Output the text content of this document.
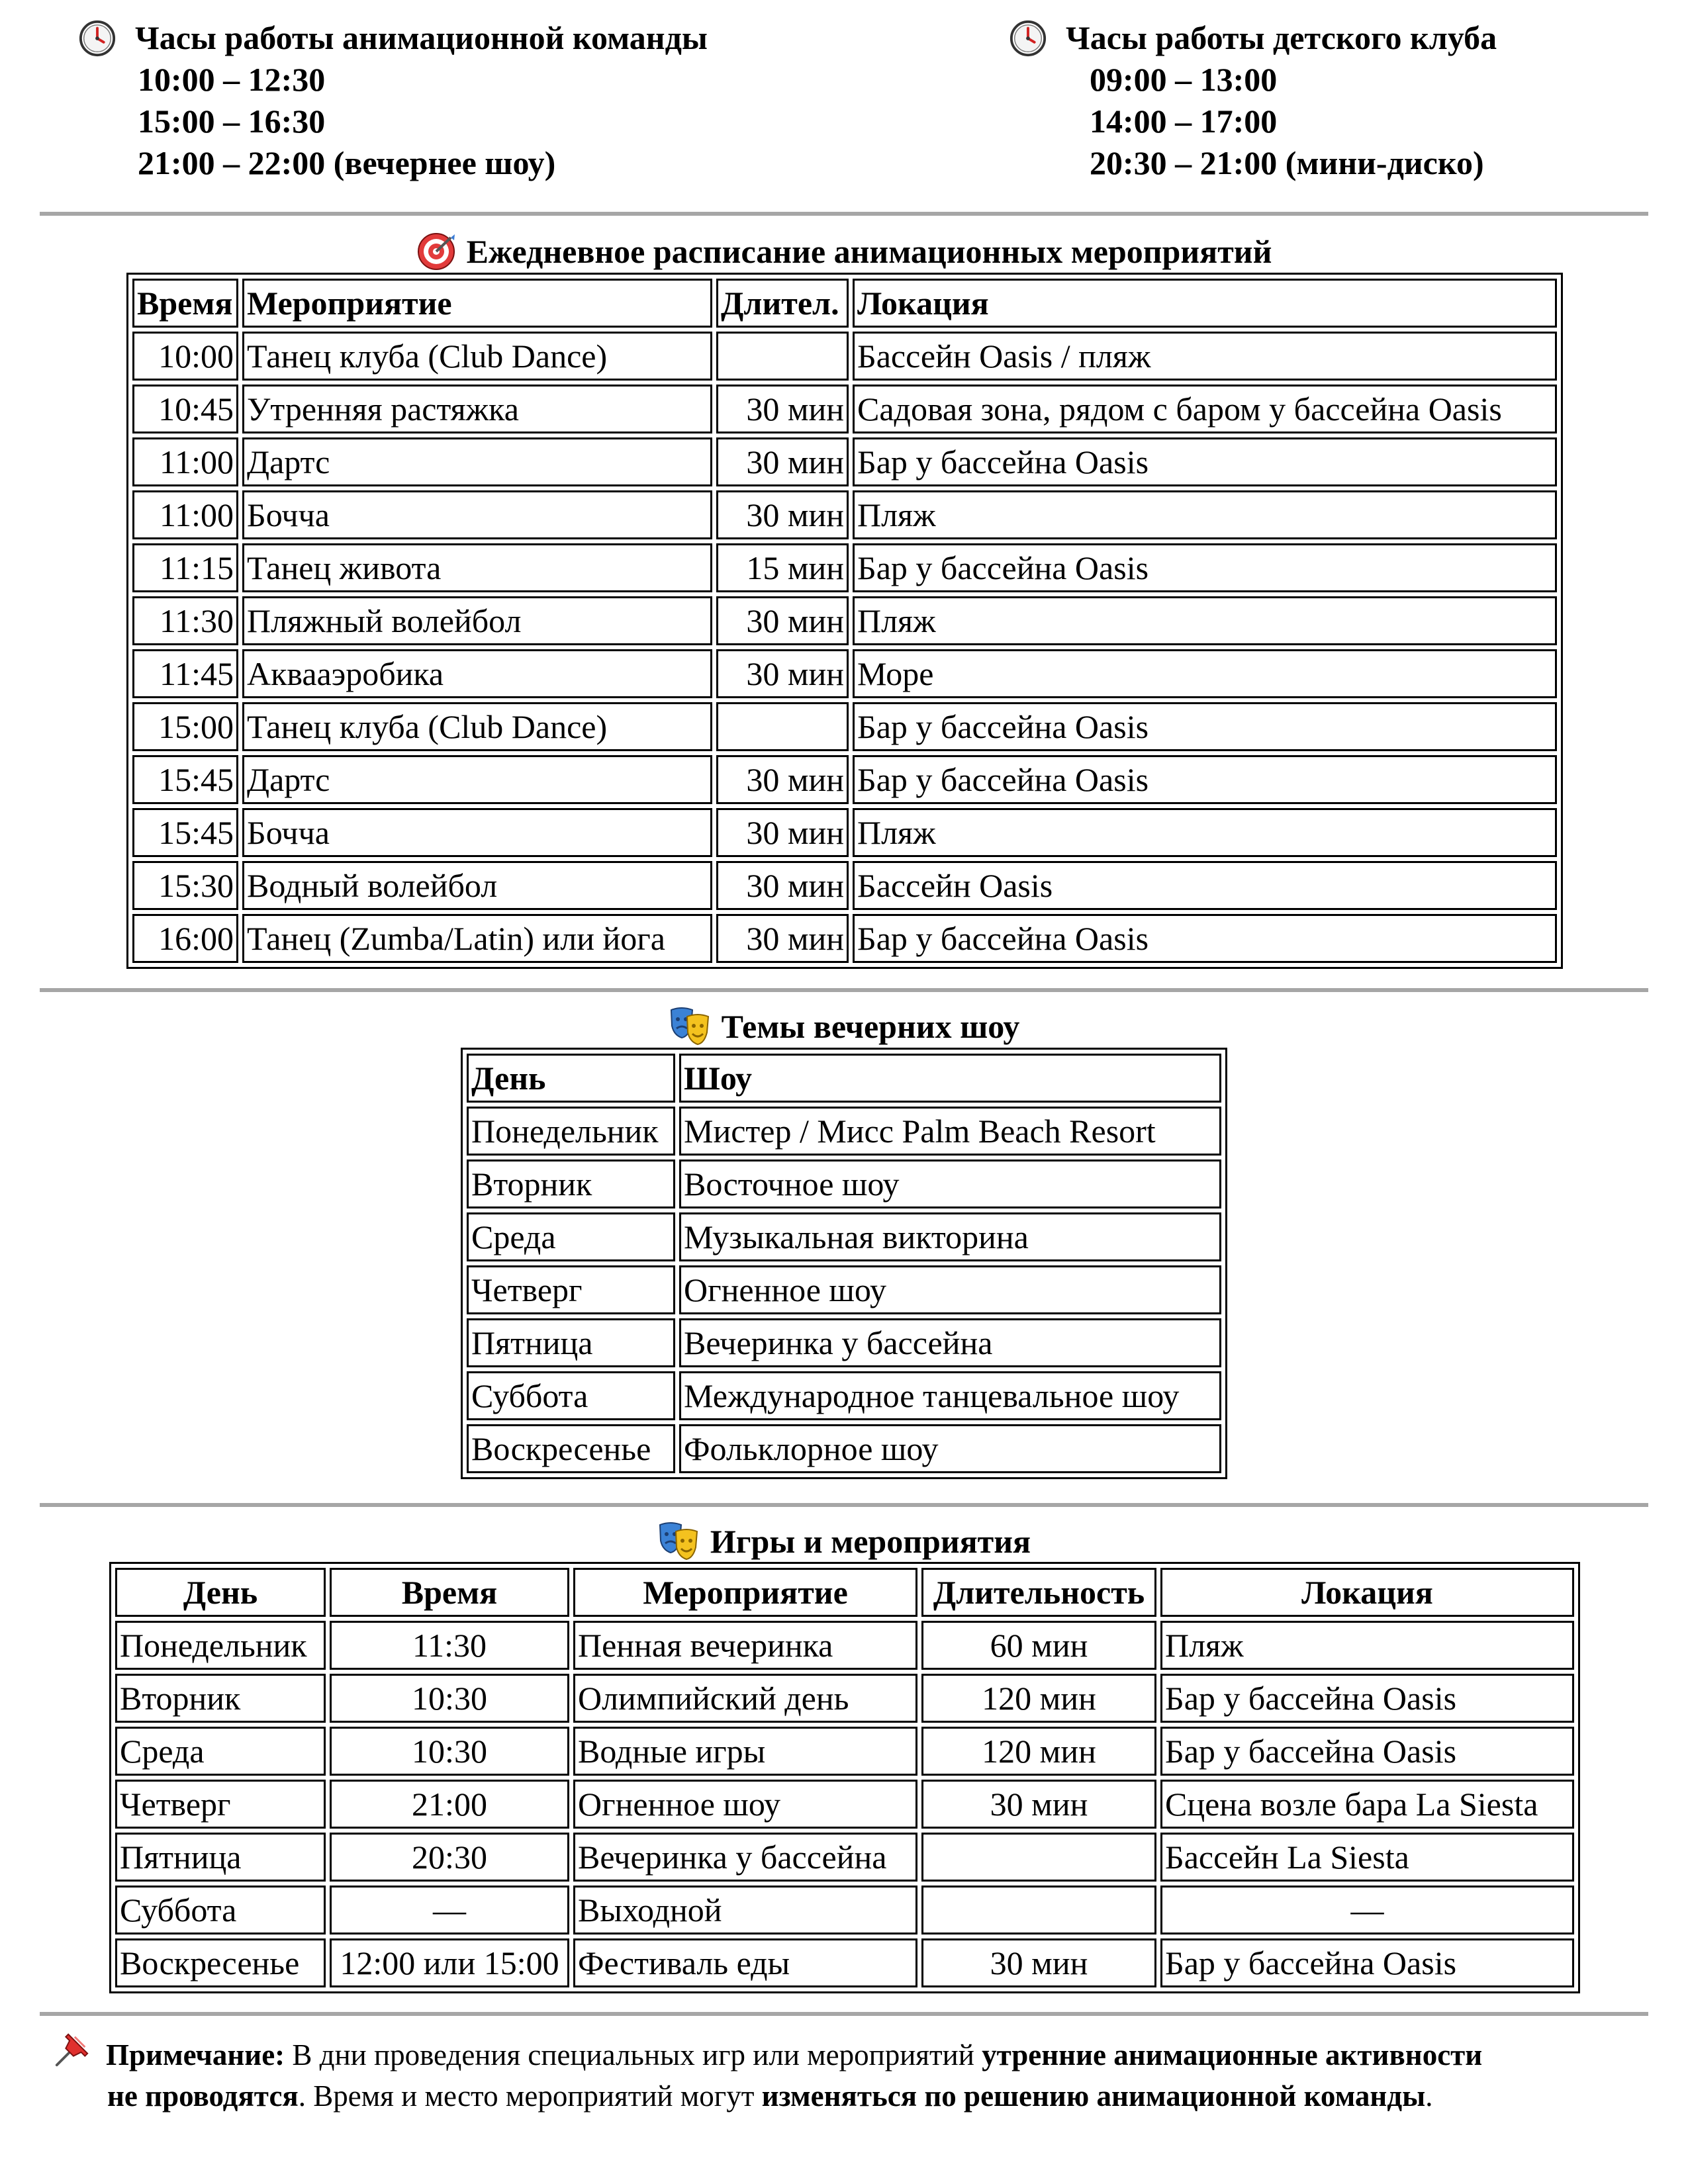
Часы работы анимационной команды
10:00 – 12:30
15:00 – 16:30
21:00 – 22:00 (вечернее шоу)
Часы работы детского клуба
09:00 – 13:00
14:00 – 17:00
20:30 – 21:00 (мини-диско)
Ежедневное расписание анимационных мероприятий
Время	Мероприятие	Длител.	Локация
10:00	Танец клуба (Club Dance)		Бассейн Oasis / пляж
10:45	Утренняя растяжка	30 мин	Садовая зона, рядом с баром у бассейна Oasis
11:00	Дартс	30 мин	Бар у бассейна Oasis
11:00	Бочча	30 мин	Пляж
11:15	Танец живота	15 мин	Бар у бассейна Oasis
11:30	Пляжный волейбол	30 мин	Пляж
11:45	Аквааэробика	30 мин	Море
15:00	Танец клуба (Club Dance)		Бар у бассейна Oasis
15:45	Дартс	30 мин	Бар у бассейна Oasis
15:45	Бочча	30 мин	Пляж
15:30	Водный волейбол	30 мин	Бассейн Oasis
16:00	Танец (Zumba/Latin) или йога	30 мин	Бар у бассейна Oasis
Темы вечерних шоу
День	Шоу
Понедельник	Мистер / Мисс Palm Beach Resort
Вторник	Восточное шоу
Среда	Музыкальная викторина
Четверг	Огненное шоу
Пятница	Вечеринка у бассейна
Суббота	Международное танцевальное шоу
Воскресенье	Фольклорное шоу
Игры и мероприятия
День	Время	Мероприятие	Длительность	Локация
Понедельник	11:30	Пенная вечеринка	60 мин	Пляж
Вторник	10:30	Олимпийский день	120 мин	Бар у бассейна Oasis
Среда	10:30	Водные игры	120 мин	Бар у бассейна Oasis
Четверг	21:00	Огненное шоу	30 мин	Сцена возле бара La Siesta
Пятница	20:30	Вечеринка у бассейна		Бассейн La Siesta
Суббота	—	Выходной		—
Воскресенье	12:00 или 15:00	Фестиваль еды	30 мин	Бар у бассейна Oasis
Примечание: В дни проведения специальных игр или мероприятий утренние анимационные активности
не проводятся. Время и место мероприятий могут изменяться по решению анимационной команды.
